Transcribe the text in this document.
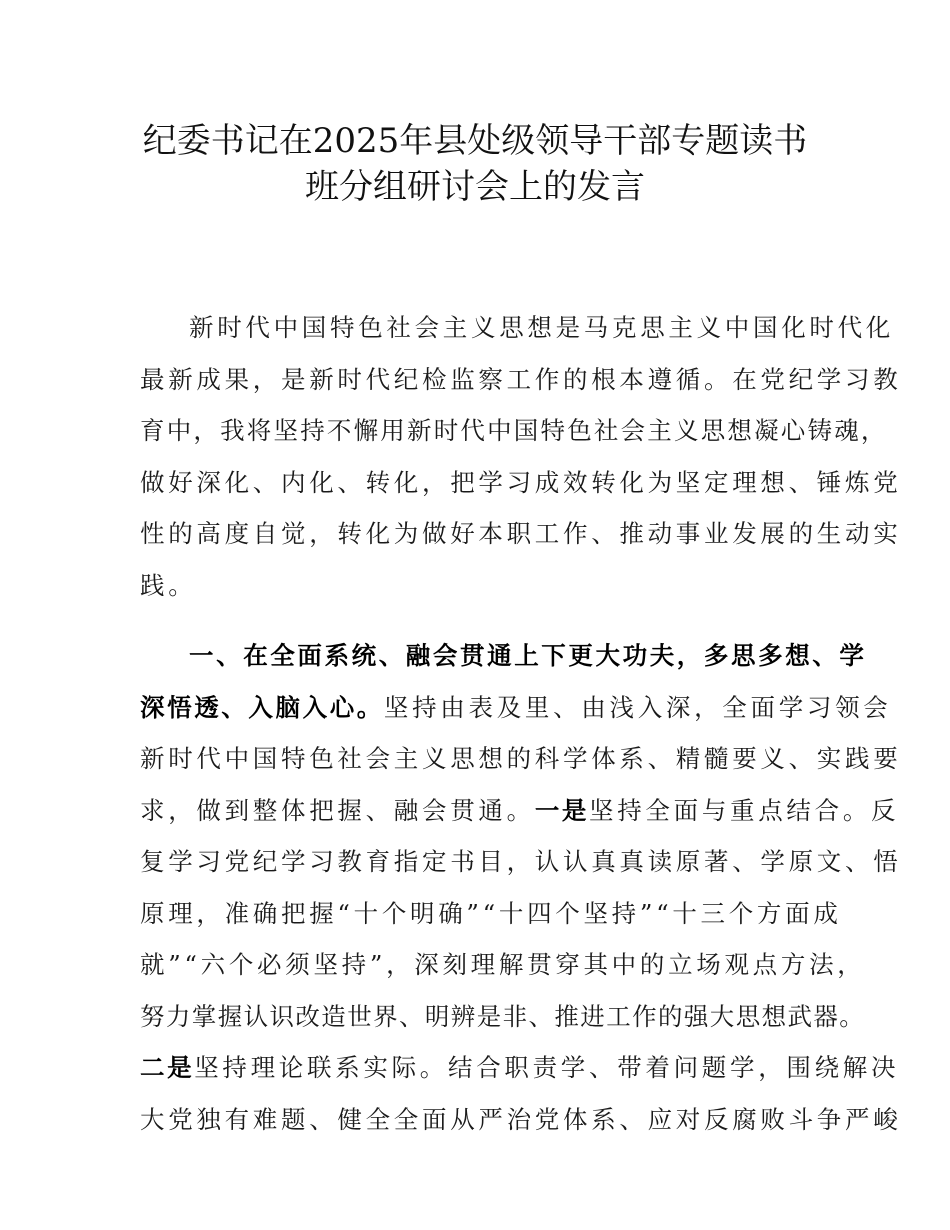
纪委书记在2025年县处级领导干部专题读书
班分组研讨会上的发言
新时代中国特色社会主义思想是马克思主义中国化时代化
最新成果，是新时代纪检监察工作的根本遵循。在党纪学习教
育中，我将坚持不懈用新时代中国特色社会主义思想凝心铸魂，
做好深化、内化、转化，把学习成效转化为坚定理想、锤炼党
性的高度自觉，转化为做好本职工作、推动事业发展的生动实
践。
一、在全面系统、融会贯通上下更大功夫，多思多想、学
深悟透、入脑入心。坚持由表及里、由浅入深，全面学习领会
新时代中国特色社会主义思想的科学体系、精髓要义、实践要
求，做到整体把握、融会贯通。一是坚持全面与重点结合。反
复学习党纪学习教育指定书目，认认真真读原著、学原文、悟
原理，准确把握“十个明确”“十四个坚持”“十三个方面成
就”“六个必须坚持”，深刻理解贯穿其中的立场观点方法，
努力掌握认识改造世界、明辨是非、推进工作的强大思想武器。
二是坚持理论联系实际。结合职责学、带着问题学，围绕解决
大党独有难题、健全全面从严治党体系、应对反腐败斗争严峻
